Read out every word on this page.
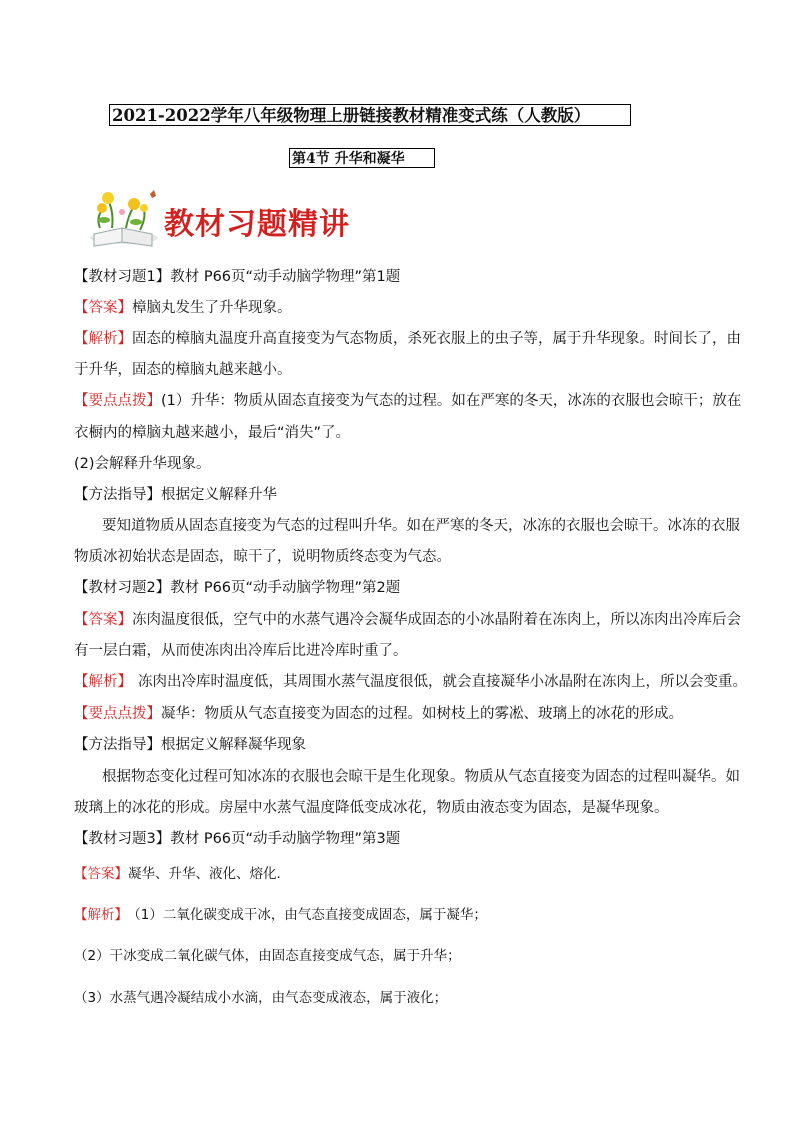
2021-2022学年八年级物理上册链接教材精准变式练（人教版）
第4节 升华和凝华
教材习题精讲
【教材习题1】教材 P66页“动手动脑学物理”第1题
【答案】樟脑丸发生了升华现象。
【解析】固态的樟脑丸温度升高直接变为气态物质，杀死衣服上的虫子等，属于升华现象。时间长了，由
于升华，固态的樟脑丸越来越小。
【要点点拨】(1）升华：物质从固态直接变为气态的过程。如在严寒的冬天，冰冻的衣服也会晾干；放在
衣橱内的樟脑丸越来越小，最后“消失”了。
(2)会解释升华现象。
【方法指导】根据定义解释升华
要知道物质从固态直接变为气态的过程叫升华。如在严寒的冬天，冰冻的衣服也会晾干。冰冻的衣服
物质冰初始状态是固态，晾干了，说明物质终态变为气态。
【教材习题2】教材 P66页“动手动脑学物理”第2题
【答案】冻肉温度很低，空气中的水蒸气遇冷会凝华成固态的小冰晶附着在冻肉上，所以冻肉出冷库后会
有一层白霜，从而使冻肉出冷库后比进冷库时重了。
【解析】 冻肉出冷库时温度低，其周围水蒸气温度很低，就会直接凝华小冰晶附在冻肉上，所以会变重。
【要点点拨】凝华：物质从气态直接变为固态的过程。如树枝上的雾凇、玻璃上的冰花的形成。
【方法指导】根据定义解释凝华现象
根据物态变化过程可知冰冻的衣服也会晾干是生化现象。物质从气态直接变为固态的过程叫凝华。如
玻璃上的冰花的形成。房屋中水蒸气温度降低变成冰花，物质由液态变为固态，是凝华现象。
【教材习题3】教材 P66页“动手动脑学物理”第3题
【答案】凝华、升华、液化、熔化.
【解析】 （1）二氧化碳变成干冰，由气态直接变成固态，属于凝华；
（2）干冰变成二氧化碳气体，由固态直接变成气态，属于升华；
（3）水蒸气遇冷凝结成小水滴，由气态变成液态，属于液化；
